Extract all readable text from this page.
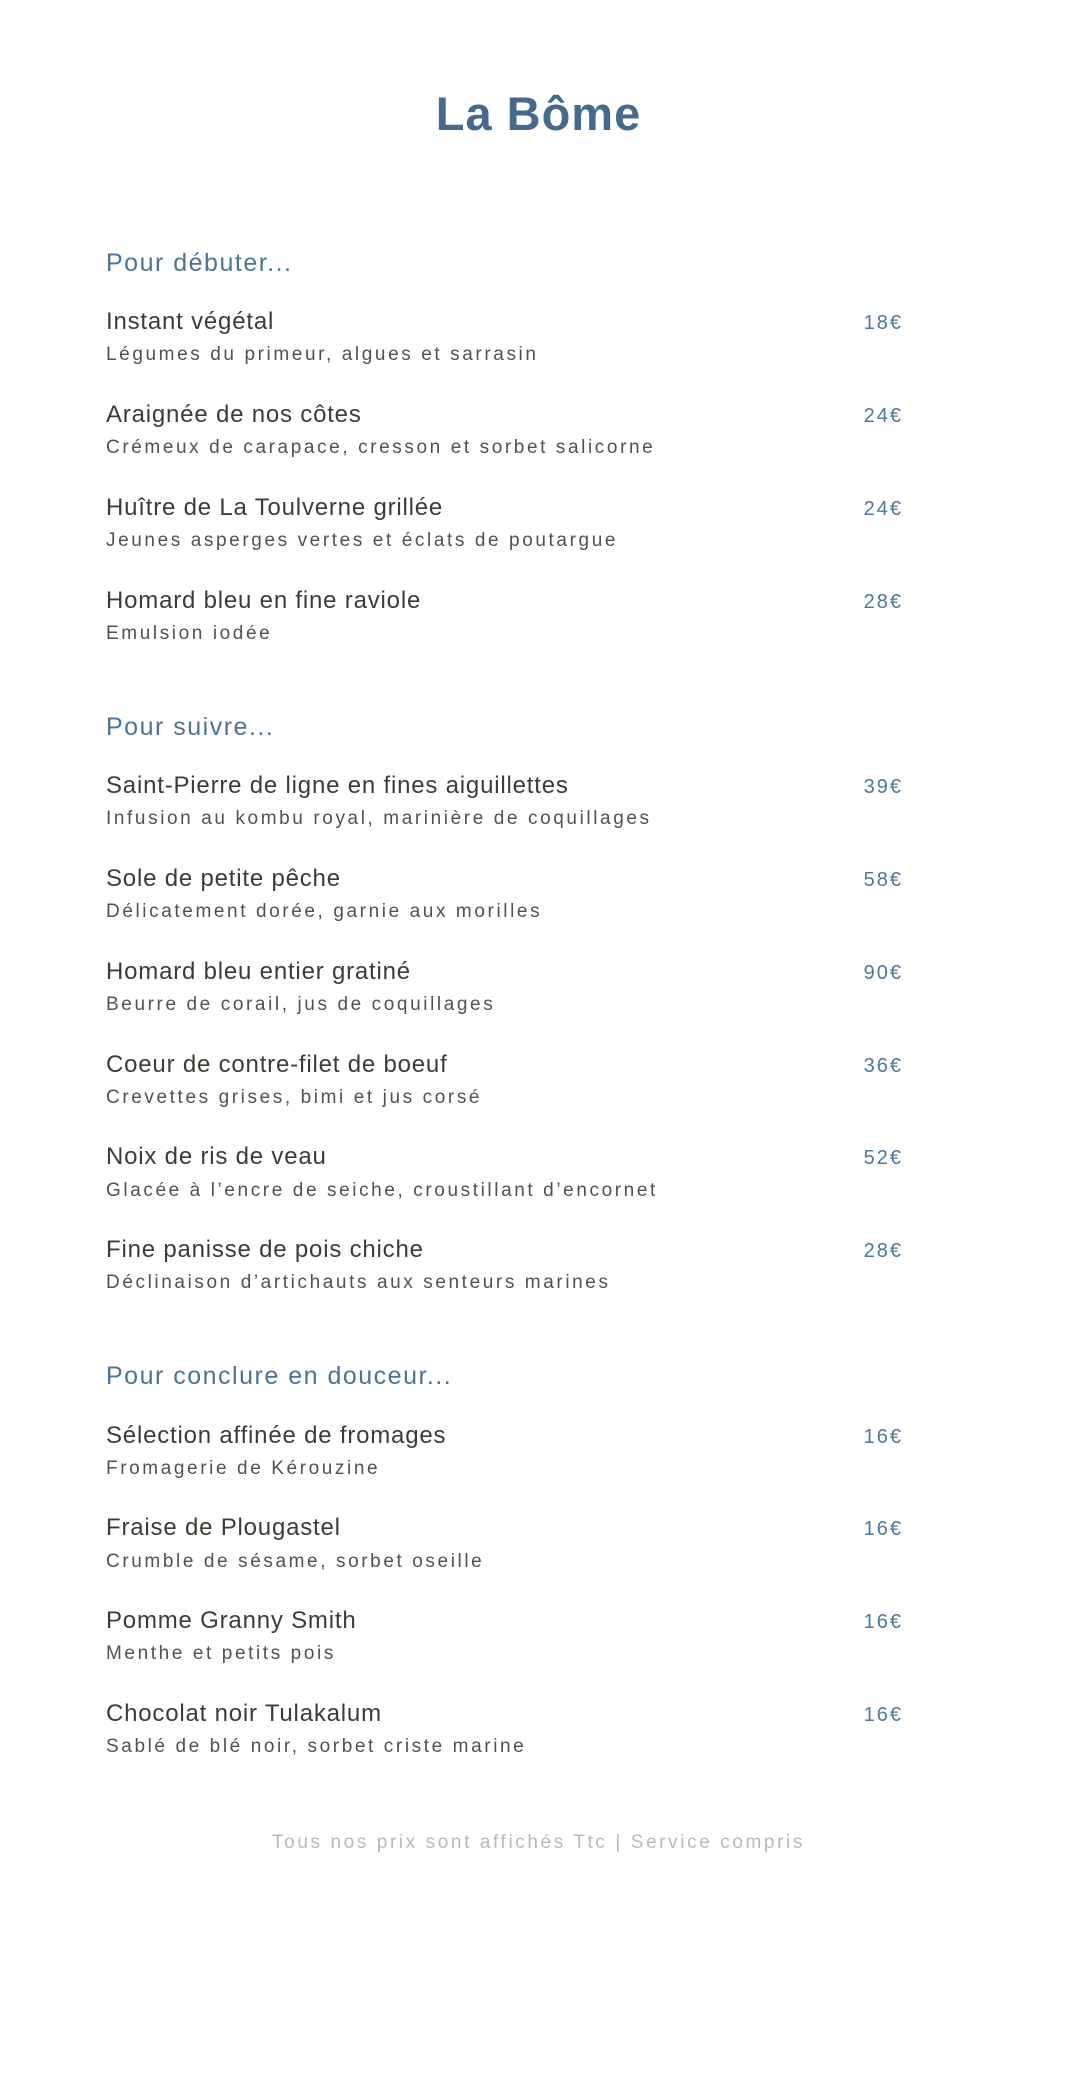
La Bôme
Pour débuter...
Instant végétal	18€
Légumes du primeur, algues et sarrasin
Araignée de nos côtes	24€
Crémeux de carapace, cresson et sorbet salicorne
Huître de La Toulverne grillée	24€
Jeunes asperges vertes et éclats de poutargue
Homard bleu en fine raviole	28€
Emulsion iodée
Pour suivre...
Saint-Pierre de ligne en fines aiguillettes	39€
Infusion au kombu royal, marinière de coquillages
Sole de petite pêche	58€
Délicatement dorée, garnie aux morilles
Homard bleu entier gratiné	90€
Beurre de corail, jus de coquillages
Coeur de contre-filet de boeuf	36€
Crevettes grises, bimi et jus corsé
Noix de ris de veau	52€
Glacée à l’encre de seiche, croustillant d’encornet
Fine panisse de pois chiche	28€
Déclinaison d’artichauts aux senteurs marines
Pour conclure en douceur...
Sélection affinée de fromages	16€
Fromagerie de Kérouzine
Fraise de Plougastel	16€
Crumble de sésame, sorbet oseille
Pomme Granny Smith	16€
Menthe et petits pois
Chocolat noir Tulakalum	16€
Sablé de blé noir, sorbet criste marine
Tous nos prix sont affichés Ttc | Service compris
